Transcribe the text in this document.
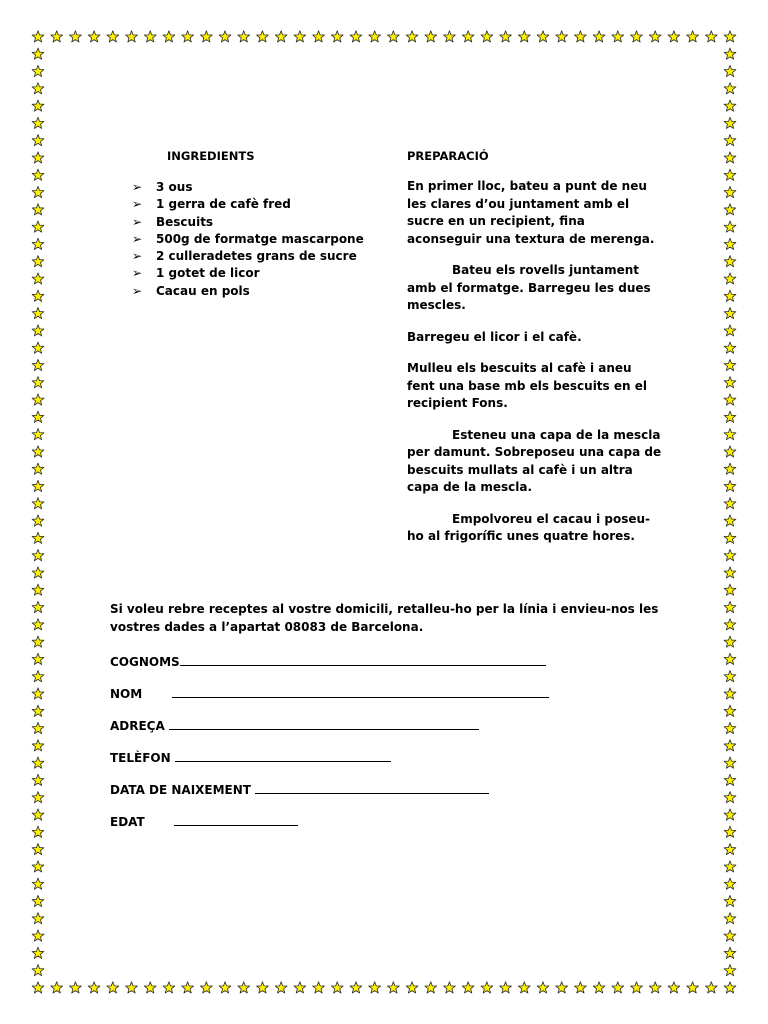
INGREDIENTS
➢ 3 ous
➢ 1 gerra de cafè fred
➢ Bescuits
➢ 500g de formatge mascarpone
➢ 2 culleradetes grans de sucre
➢ 1 gotet de licor
➢ Cacau en pols
PREPARACIÓ

En primer lloc, bateu a punt de neu les clares d’ou juntament amb el sucre en un recipient, fina aconseguir una textura de merenga.

Bateu els rovells juntament amb el formatge. Barregeu les dues mescles.

Barregeu el licor i el cafè.

Mulleu els bescuits al cafè i aneu fent una base mb els bescuits en el recipient Fons.

Esteneu una capa de la mescla per damunt. Sobreposeu una capa de bescuits mullats al cafè i un altra capa de la mescla.

Empolvoreu el cacau i poseu-ho al frigorífic unes quatre hores.

Si voleu rebre receptes al vostre domicili, retalleu-ho per la línia i envieu-nos les
vostres dades a l’apartat 08083 de Barcelona.
COGNOMS
NOM
ADREÇA
TELÈFON
DATA DE NAIXEMENT
EDAT
